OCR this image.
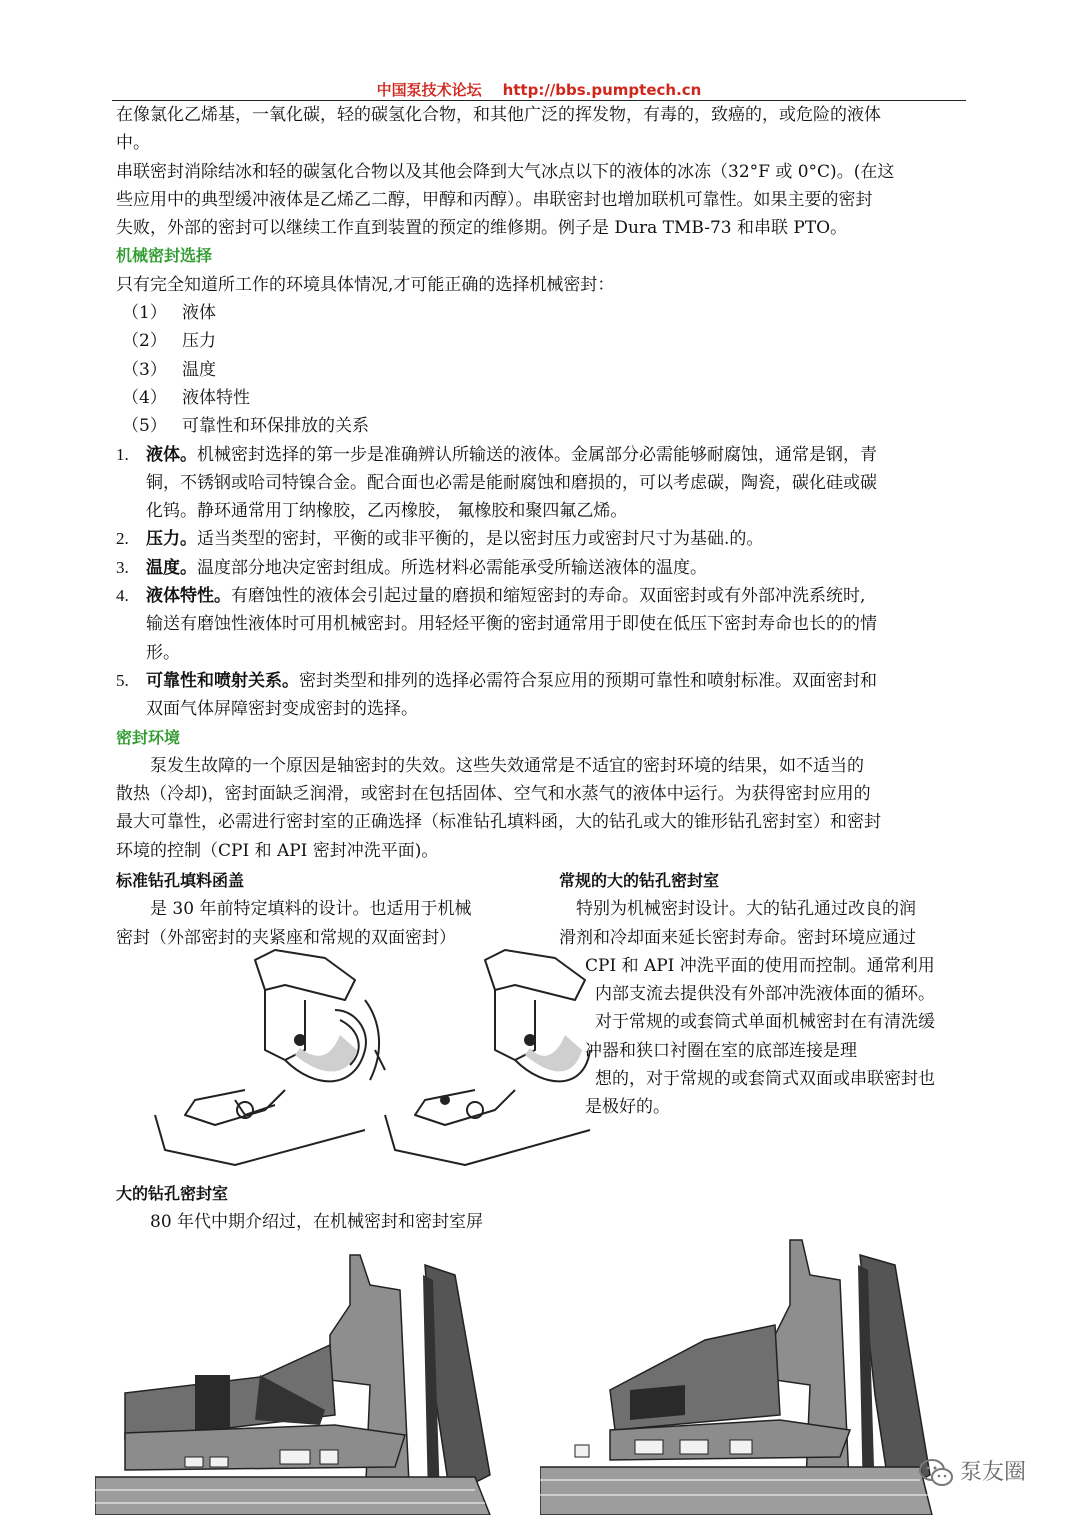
中国泵技术论坛 http://bbs.pumptech.cn
在像氯化乙烯基，一氧化碳，轻的碳氢化合物，和其他广泛的挥发物，有毒的，致癌的，或危险的液体
中。
串联密封消除结冰和轻的碳氢化合物以及其他会降到大气冰点以下的液体的冰冻（32°F 或 0°C)。(在这
些应用中的典型缓冲液体是乙烯乙二醇，甲醇和丙醇）。串联密封也增加联机可靠性。如果主要的密封
失败，外部的密封可以继续工作直到装置的预定的维修期。例子是 Dura TMB-73 和串联 PTO。
机械密封选择
只有完全知道所工作的环境具体情况,才可能正确的选择机械密封：
（1） 液体
（2） 压力
（3） 温度
（4） 液体特性
（5） 可靠性和环保排放的关系
1. 液体。机械密封选择的第一步是准确辨认所输送的液体。金属部分必需能够耐腐蚀，通常是钢，青
铜，不锈钢或哈司特镍合金。配合面也必需是能耐腐蚀和磨损的，可以考虑碳，陶瓷，碳化硅或碳
化钨。静环通常用丁纳橡胶，乙丙橡胶， 氟橡胶和聚四氟乙烯。
2. 压力。适当类型的密封，平衡的或非平衡的，是以密封压力或密封尺寸为基础.的。
3. 温度。温度部分地决定密封组成。所选材料必需能承受所输送液体的温度。
4. 液体特性。有磨蚀性的液体会引起过量的磨损和缩短密封的寿命。双面密封或有外部冲洗系统时,
输送有磨蚀性液体时可用机械密封。用轻烃平衡的密封通常用于即使在低压下密封寿命也长的的情
形。
5. 可靠性和喷射关系。密封类型和排列的选择必需符合泵应用的预期可靠性和喷射标准。双面密封和
双面气体屏障密封变成密封的选择。
密封环境
泵发生故障的一个原因是轴密封的失效。这些失效通常是不适宜的密封环境的结果，如不适当的
散热（冷却)，密封面缺乏润滑，或密封在包括固体、空气和水蒸气的液体中运行。为获得密封应用的
最大可靠性，必需进行密封室的正确选择（标准钻孔填料函，大的钻孔或大的锥形钻孔密封室）和密封
环境的控制（CPI 和 API 密封冲洗平面)。
标准钻孔填料函盖
是 30 年前特定填料的设计。也适用于机械
密封（外部密封的夹紧座和常规的双面密封）
常规的大的钻孔密封室
特别为机械密封设计。大的钻孔通过改良的润
滑剂和冷却面来延长密封寿命。密封环境应通过
CPI 和 API 冲洗平面的使用而控制。通常利用
内部支流去提供没有外部冲洗液体面的循环。
对于常规的或套筒式单面机械密封在有清洗缓
冲器和狭口衬圈在室的底部连接是理
想的，对于常规的或套筒式双面或串联密封也
是极好的。
大的钻孔密封室
80 年代中期介绍过，在机械密封和密封室屏
泵友圈
